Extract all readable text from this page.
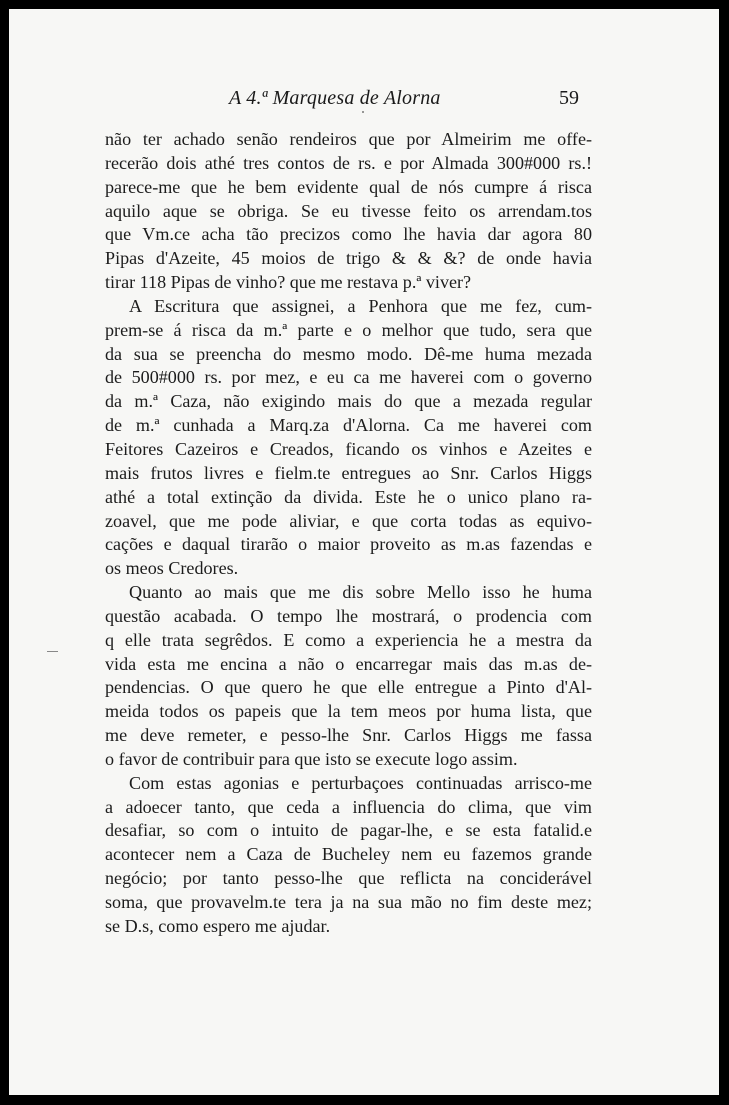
A 4.ª Marquesa de Alorna	59
não ter achado senão rendeiros que por Almeirim me offe-
recerão dois athé tres contos de rs. e por Almada 300#000 rs.!
parece-me que he bem evidente qual de nós cumpre á risca
aquilo aque se obriga. Se eu tivesse feito os arrendam.tos
que Vm.ce acha tão precizos como lhe havia dar agora 80
Pipas d'Azeite, 45 moios de trigo & & &? de onde havia
tirar 118 Pipas de vinho? que me restava p.ª viver?
A Escritura que assignei, a Penhora que me fez, cum-
prem-se á risca da m.ª parte e o melhor que tudo, sera que
da sua se preencha do mesmo modo. Dê-me huma mezada
de 500#000 rs. por mez, e eu ca me haverei com o governo
da m.ª Caza, não exigindo mais do que a mezada regular
de m.ª cunhada a Marq.za d'Alorna. Ca me haverei com
Feitores Cazeiros e Creados, ficando os vinhos e Azeites e
mais frutos livres e fielm.te entregues ao Snr. Carlos Higgs
athé a total extinção da divida. Este he o unico plano ra-
zoavel, que me pode aliviar, e que corta todas as equivo-
cações e daqual tirarão o maior proveito as m.as fazendas e
os meos Credores.
Quanto ao mais que me dis sobre Mello isso he huma
questão acabada. O tempo lhe mostrará, o prodencia com
q elle trata segrêdos. E como a experiencia he a mestra da
vida esta me encina a não o encarregar mais das m.as de-
pendencias. O que quero he que elle entregue a Pinto d'Al-
meida todos os papeis que la tem meos por huma lista, que
me deve remeter, e pesso-lhe Snr. Carlos Higgs me fassa
o favor de contribuir para que isto se execute logo assim.
Com estas agonias e perturbaçoes continuadas arrisco-me
a adoecer tanto, que ceda a influencia do clima, que vim
desafiar, so com o intuito de pagar-lhe, e se esta fatalid.e
acontecer nem a Caza de Bucheley nem eu fazemos grande
negócio; por tanto pesso-lhe que reflicta na conciderável
soma, que provavelm.te tera ja na sua mão no fim deste mez;
se D.s, como espero me ajudar.
